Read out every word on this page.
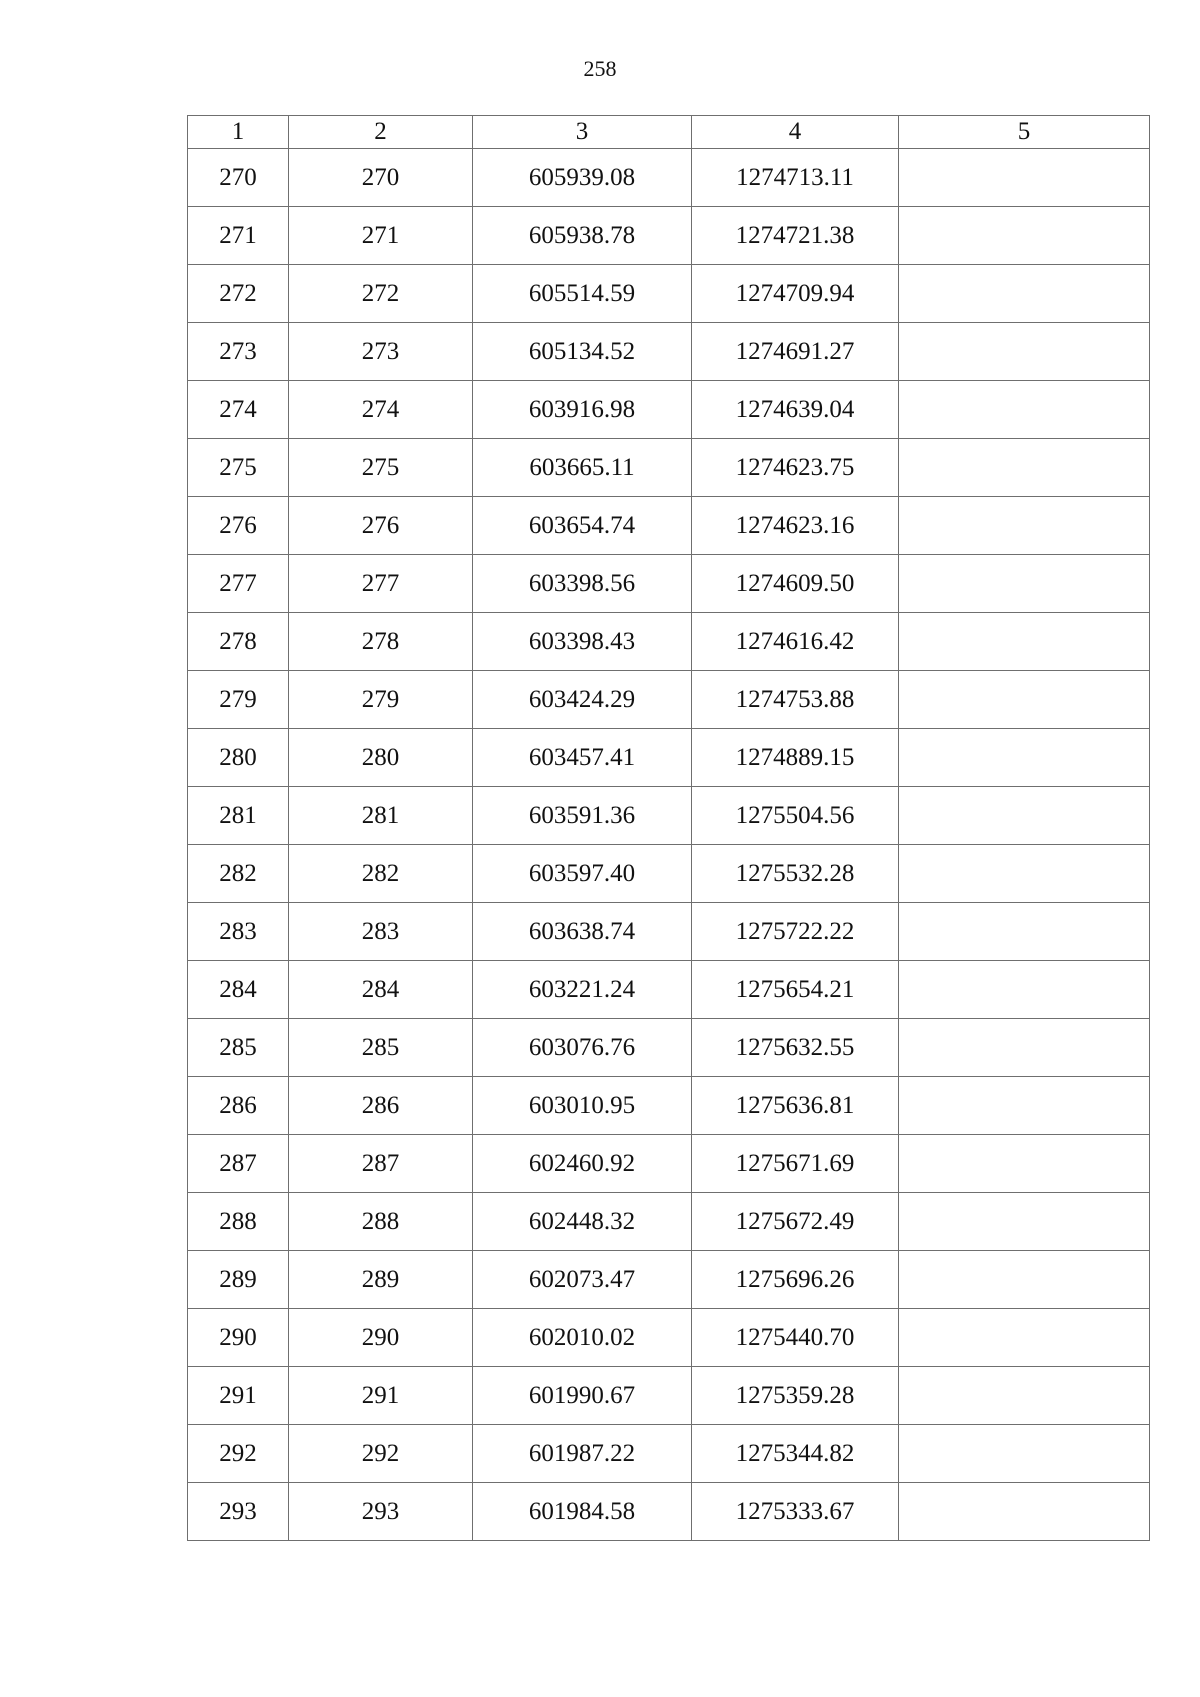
258
1	2	3	4	5
270	270	605939.08	1274713.11	
271	271	605938.78	1274721.38	
272	272	605514.59	1274709.94	
273	273	605134.52	1274691.27	
274	274	603916.98	1274639.04	
275	275	603665.11	1274623.75	
276	276	603654.74	1274623.16	
277	277	603398.56	1274609.50	
278	278	603398.43	1274616.42	
279	279	603424.29	1274753.88	
280	280	603457.41	1274889.15	
281	281	603591.36	1275504.56	
282	282	603597.40	1275532.28	
283	283	603638.74	1275722.22	
284	284	603221.24	1275654.21	
285	285	603076.76	1275632.55	
286	286	603010.95	1275636.81	
287	287	602460.92	1275671.69	
288	288	602448.32	1275672.49	
289	289	602073.47	1275696.26	
290	290	602010.02	1275440.70	
291	291	601990.67	1275359.28	
292	292	601987.22	1275344.82	
293	293	601984.58	1275333.67	
